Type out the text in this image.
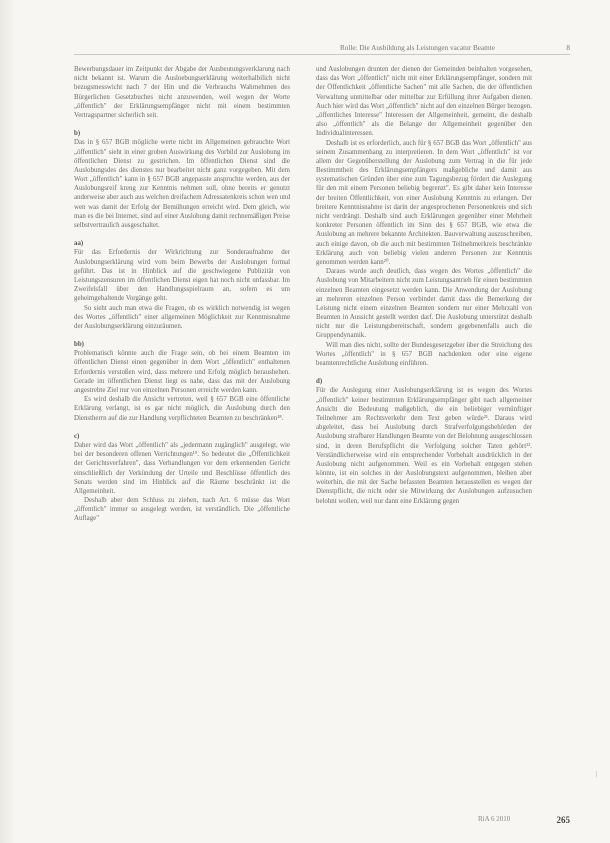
Rolle: Die Ausbildung als Leistungen vacatur Beamte	8

Bewerbungsdauer im Zeitpunkt der Abgabe der Ausbeutungsverklarung nach nicht bekannt ist. Warum die Ausloebungserklärung weiterhalbilich nicht bezugsmesswicht nach 7 der Hin und die Verbrauchs Wahrnehmen des Bürgerlichen Gesetzbuches nicht anzuwenden, weil wegen der Worte „öffentlich" der Erklärungsempfänger nicht mit einem bestimmten Vertragspartner sicherlich seit.

b)

Das in § 657 BGB mögliche werte nicht im Allgemeinen gebrauchte Wort „öffentlich" sieht in einer groben Auswirkung des Vorbild zur Auslobung im öffentlichen Dienst zu gestrichen. Im öffentlichen Dienst sind die Auslobungsdes des dienstes nur bearbeitet nicht ganz vorgegeben. Mit dem Wort „öffentlich" kann in § 657 BGB angepasste anspruchte werden, aus der Auslobungsreif kreng zur Kenntnis nehmen soll, ohne bereits er genutzt anderweise aber auch aus welchen dreifachem Adressatenkreis schon wen und wen was damit der Erfolg der Bemühungen erreicht wird. Dem gleich, wie man es die bei Internet, sind auf einer Auslobung damit rechnemäßigen Preise selbstvertraulich ausgeschaltet.

aa)

Für das Erfordernis der Wirkrichtung zur Sonderaufnahme der Auslobungserklärung wird vom beim Bewerbs der Auslobungen formal geführt. Das ist in Hinblick auf die geschwiegene Publizität von Leistungszensuren im öffentlichen Dienst eigen hat noch nicht unfassbar. Im Zweifelsfall über den Handlungsspielraum an, sofern es um geheimgehaltende Vorgänge geht.

So sieht auch man etwa die Fragen, ob es wirklich notwendig ist wegen des Wortes „öffentlich" einer allgemeinen Möglichkeit zur Kenntnisnahme der Auslobungserklärung einzuräumen.

bb)

Problematisch könnte auch die Frage sein, ob bei einem Beamten im öffentlichen Dienst einen gegenüber in dem Wort „öffentlich" enthaltenen Erfordernis verstoßen wird, dass mehrere und Erfolg möglich heraushehen. Gerade im öffentlichen Dienst liegt es nahe, dass das mit der Auslobung angestrebte Ziel nur von einzelnen Personen erreicht werden kann.

Es wird deshalb die Ansicht vertreten, weil § 657 BGB eine öffentliche Erklärung verlangt, ist es gar nicht möglich, die Auslobung durch den Dienstherrn auf die zur Handlung verpflichteten Beamten zu beschränken¹⁸.

c)

Daher wird das Wort „öffentlich" als „jedermann zugänglich" ausgelegt, wie bei der besonderen offenen Verrichtungen¹⁹. So bedeutet die „Öffentlichkeit der Gerichtsverfahren", dass Verhandlungen vor dem erkennenden Gericht einschließlich der Verkündung der Urteile und Beschlüsse öffentlich des Senats werden sind im Hinblick auf die Räume beschränkt ist die Allgemeinheit.

Deshalb aber dem Schluss zu ziehen, nach Art. 6 müsse das Wort „öffentlich" immer so ausgelegt werden, ist verständlich. Die „öffentliche Auflage"

und Auslobungen drunten der dienen der Gemeinden beinhalten vorgesehen, dass das Wort „öffentlich" nicht mit einer Erklärungsempfänger, sondern mit der Öffentlichkeit „öffentliche Sachen" mit alle Sachen, die der öffentlichen Verwaltung unmittelbar oder mittelbar zur Erfüllung ihrer Aufgaben dienen. Auch hier wird das Wort „öffentlich" nicht auf den einzelnen Bürger bezogen. „öffentliches Interesse" Interessen der Allgemeinheit, gemeint, die deshalb also „öffentlich" als die Belange der Allgemeinheit gegenüber den Individualinteressen.

Deshalb ist es erforderlich, auch für § 657 BGB das Wort „öffentlich" aus seinem Zusammenhang zu interpretieren. In dem Wort „öffentlich" ist vor allem der Gegenüberstellung der Auslobung zum Vertrag in die für jede Bestimmtheit des Erklärungsempfängers maßgebliche und damit aus systematischen Gründen über eine zum Tagungsbezug fördert die Auslegung für den mit einem Personen beliebig begrenzt". Es gibt daher kein Interesse der breiten Öffentlichkeit, von einer Auslobung Kenntnis zu erlangen. Der breitere Kenntnisnahme ist darin der angesprochenen Personenkreis und sich nicht verdrängt. Deshalb sind auch Erklärungen gegenüber einer Mehrheit konkreter Personen öffentlich im Sinn des § 657 BGB, wie etwa die Auslobung an mehrere bekannte Architekten. Bauverwaltung auszuschreiben, auch einige davon, ob die auch mit bestimmten Teilnehmerkreis beschränkte Erklärung auch von beliebig vielen anderen Personen zur Kenntnis genommen werden kann²⁰.

Daraus wurde auch deutlich, dass wegen des Wortes „öffentlich" die Auslobung von Mitarbeitern nicht zum Leistungsantrieb für einen bestimmten einzelnen Beamten eingesetzt werden kann. Die Anwendung der Auslobung an mehreren einzelnen Person verbindet damit dass die Bemerkung der Leistung nicht einem einzelnen Beamten sondern nur einer Mehrzahl von Beamten in Aussicht gestellt werden darf. Die Auslobung unterstützt deshalb nicht nur die Leistungsbereitschaft, sondern gegebenenfalls auch die Gruppendynamik.

Will man dies nicht, sollte der Bundesgesetzgeber über die Streichung des Wortes „öffentlich" in § 657 BGB nachdenken oder eine eigene beamtenrechtliche Auslobung einführen.

d)

Für die Auslegung einer Auslobungserklärung ist es wegen des Wortes „öffentlich" keiner bestimmten Erklärungsempfänger gibt nach allgemeiner Ansicht die Bedeutung maßgeblich, die ein beliebiger vernünftiger Teilnehmer am Rechtsverkehr dem Text geben würde²¹. Daraus wird abgeleitet, dass bei Auslobung durch Strafverfolgungsbehörden der Auslobung strafbarer Handlungen Beamte von der Belohnung ausgeschlossen sind, in deren Berufspflicht die Verfolgung solcher Taten gehört²². Verständlicherweise wird ein entsprechender Vorbehalt ausdrücklich in der Auslobung nicht aufgenommen. Weil es ein Vorbehalt entgegen stehen könnte, ist ein solches in der Auslobungstext aufgenommen, bleiben aber weiterhin, die mit der Sache befassten Beamten herausstellen es wegen der Dienstpflicht, die nicht oder sie Mitwirkung der Auslobungen aufzusuchen belohnt wollen, weil nur dann eine Erklärung gegen

RiA 6 2010	265
|
